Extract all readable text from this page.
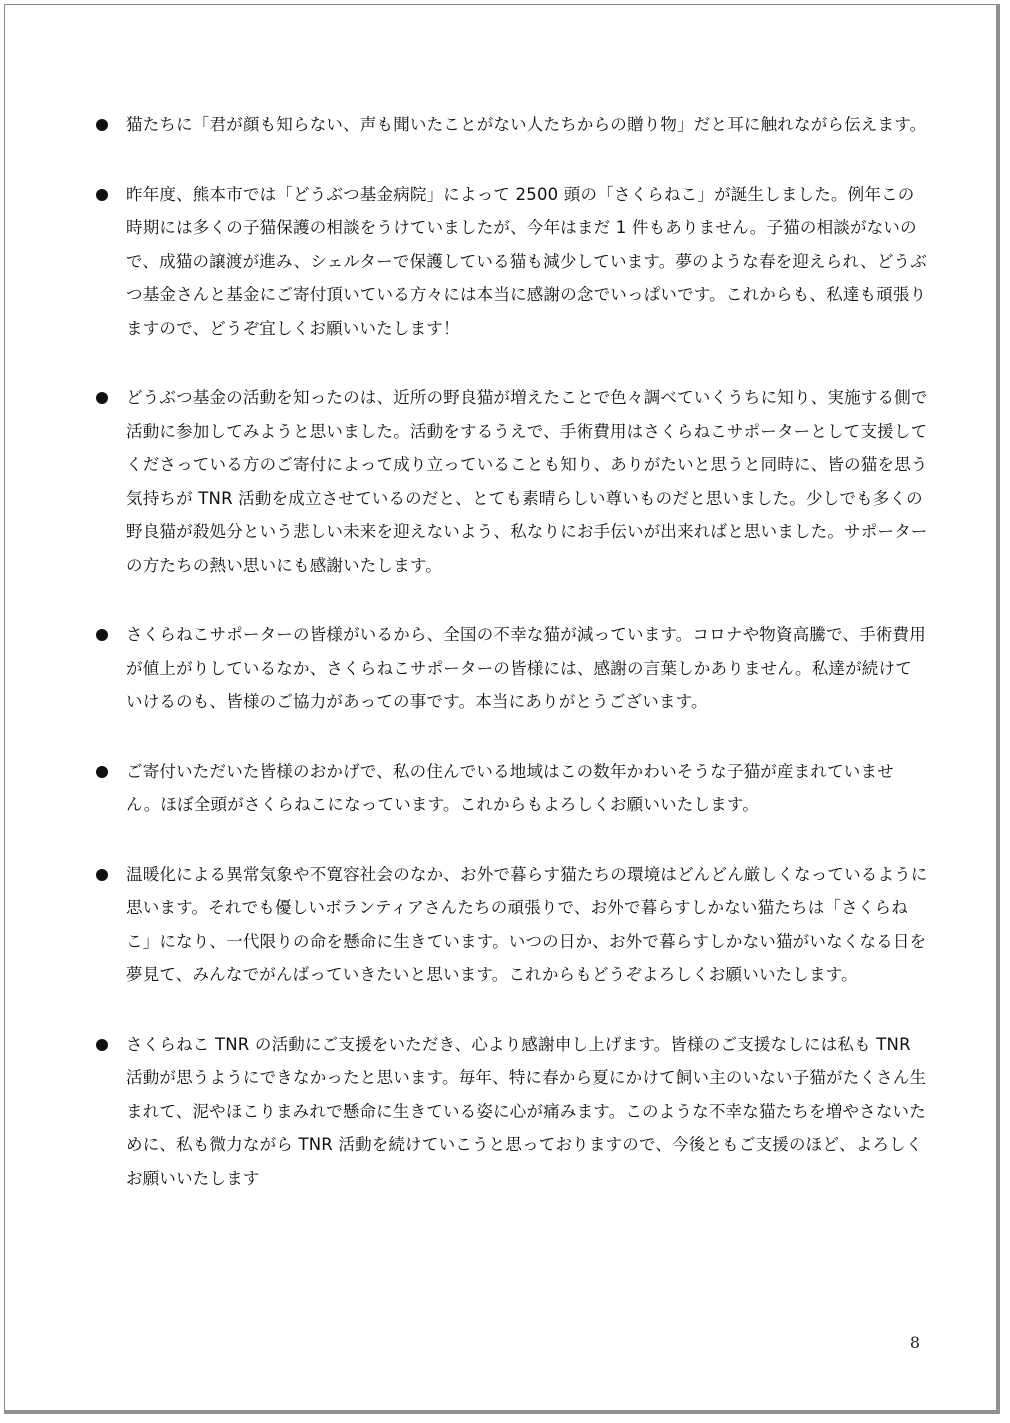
猫たちに「君が顔も知らない、声も聞いたことがない人たちからの贈り物」だと耳に触れながら伝えます。
昨年度、熊本市では「どうぶつ基金病院」によって 2500 頭の「さくらねこ」が誕生しました。例年この時期には多くの子猫保護の相談をうけていましたが、今年はまだ 1 件もありません。子猫の相談がないので、成猫の譲渡が進み、シェルターで保護している猫も減少しています。夢のような春を迎えられ、どうぶつ基金さんと基金にご寄付頂いている方々には本当に感謝の念でいっぱいです。これからも、私達も頑張りますので、どうぞ宜しくお願いいたします！
どうぶつ基金の活動を知ったのは、近所の野良猫が増えたことで色々調べていくうちに知り、実施する側で活動に参加してみようと思いました。活動をするうえで、手術費用はさくらねこサポーターとして支援してくださっている方のご寄付によって成り立っていることも知り、ありがたいと思うと同時に、皆の猫を思う気持ちが TNR 活動を成立させているのだと、とても素晴らしい尊いものだと思いました。少しでも多くの野良猫が殺処分という悲しい未来を迎えないよう、私なりにお手伝いが出来ればと思いました。サポーターの方たちの熱い思いにも感謝いたします。
さくらねこサポーターの皆様がいるから、全国の不幸な猫が減っています。コロナや物資高騰で、手術費用が値上がりしているなか、さくらねこサポーターの皆様には、感謝の言葉しかありません。私達が続けていけるのも、皆様のご協力があっての事です。本当にありがとうございます。
ご寄付いただいた皆様のおかげで、私の住んでいる地域はこの数年かわいそうな子猫が産まれていません。ほぼ全頭がさくらねこになっています。これからもよろしくお願いいたします。
温暖化による異常気象や不寛容社会のなか、お外で暮らす猫たちの環境はどんどん厳しくなっているように思います。それでも優しいボランティアさんたちの頑張りで、お外で暮らすしかない猫たちは「さくらねこ」になり、一代限りの命を懸命に生きています。いつの日か、お外で暮らすしかない猫がいなくなる日を夢見て、みんなでがんばっていきたいと思います。これからもどうぞよろしくお願いいたします。
さくらねこ TNR の活動にご支援をいただき、心より感謝申し上げます。皆様のご支援なしには私も TNR 活動が思うようにできなかったと思います。毎年、特に春から夏にかけて飼い主のいない子猫がたくさん生まれて、泥やほこりまみれで懸命に生きている姿に心が痛みます。このような不幸な猫たちを増やさないために、私も微力ながら TNR 活動を続けていこうと思っておりますので、今後ともご支援のほど、よろしくお願いいたします
8
